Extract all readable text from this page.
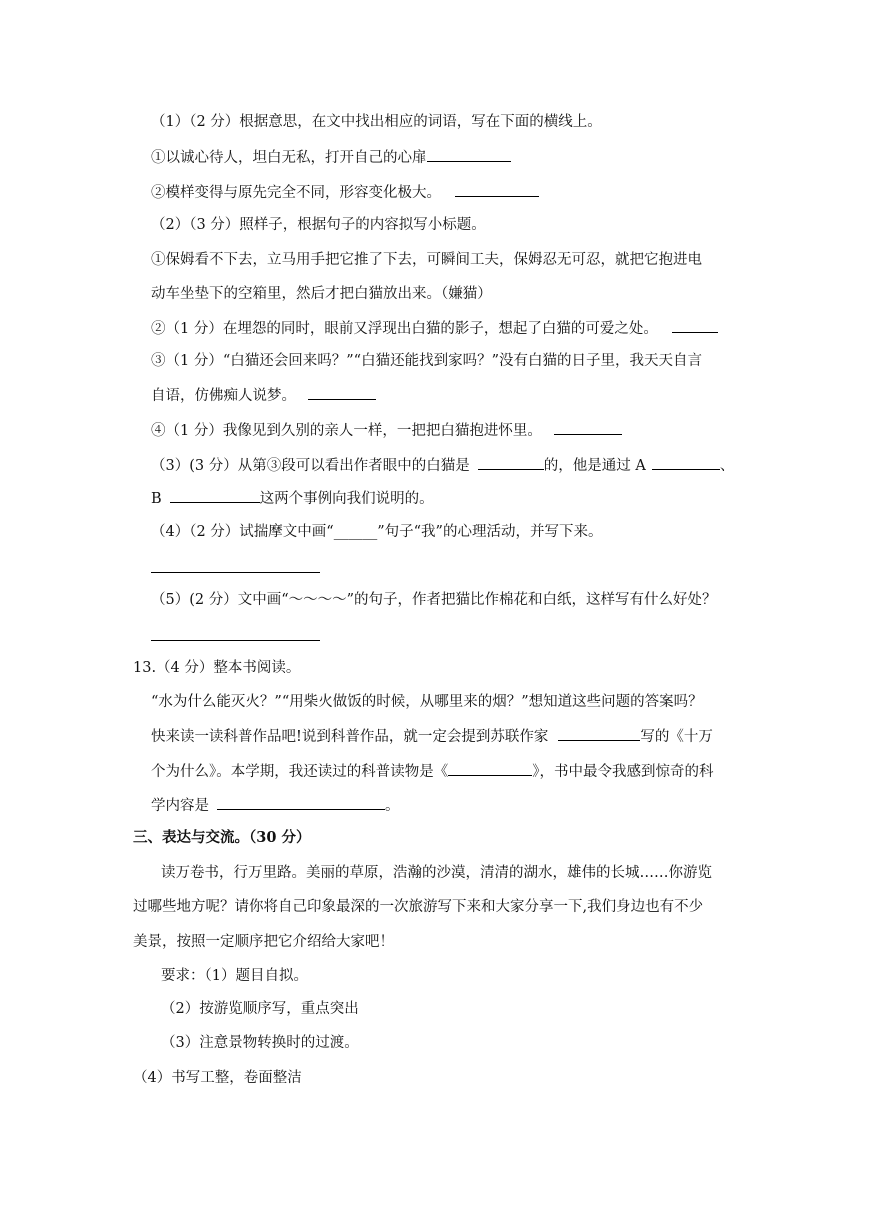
（1）（2 分）根据意思，在文中找出相应的词语，写在下面的横线上。
①以诚心待人，坦白无私，打开自己的心扉
②模样变得与原先完全不同，形容变化极大。
（2）（3 分）照样子，根据句子的内容拟写小标题。
①保姆看不下去，立马用手把它推了下去，可瞬间工夫，保姆忍无可忍，就把它抱进电
动车坐垫下的空箱里，然后才把白猫放出来。（嫌猫）
②（1 分）在埋怨的同时，眼前又浮现出白猫的影子，想起了白猫的可爱之处。
③（1 分）“白猫还会回来吗？”“白猫还能找到家吗？”没有白猫的日子里，我天天自言
自语，仿佛痴人说梦。
④（1 分）我像见到久别的亲人一样，一把把白猫抱进怀里。
（3）(3 分）从第③段可以看出作者眼中的白猫是	的，他是通过 A	、
B	这两个事例向我们说明的。
（4）（2 分）试揣摩文中画“______”句子“我”的心理活动，并写下来。
（5）(2 分）文中画“～～～～”的句子，作者把猫比作棉花和白纸，这样写有什么好处？
13.（4 分）整本书阅读。
“水为什么能灭火？”“用柴火做饭的时候，从哪里来的烟？”想知道这些问题的答案吗？
快来读一读科普作品吧!说到科普作品，就一定会提到苏联作家	写的《十万
个为什么》。本学期，我还读过的科普读物是《	》，书中最令我感到惊奇的科
学内容是	。
三、表达与交流。（30 分）
读万卷书，行万里路。美丽的草原，浩瀚的沙漠，清清的湖水，雄伟的长城……你游览
过哪些地方呢？请你将自己印象最深的一次旅游写下来和大家分享一下,我们身边也有不少
美景，按照一定顺序把它介绍给大家吧！
要求：（1）题目自拟。
（2）按游览顺序写，重点突出
（3）注意景物转换时的过渡。
（4）书写工整，卷面整洁
